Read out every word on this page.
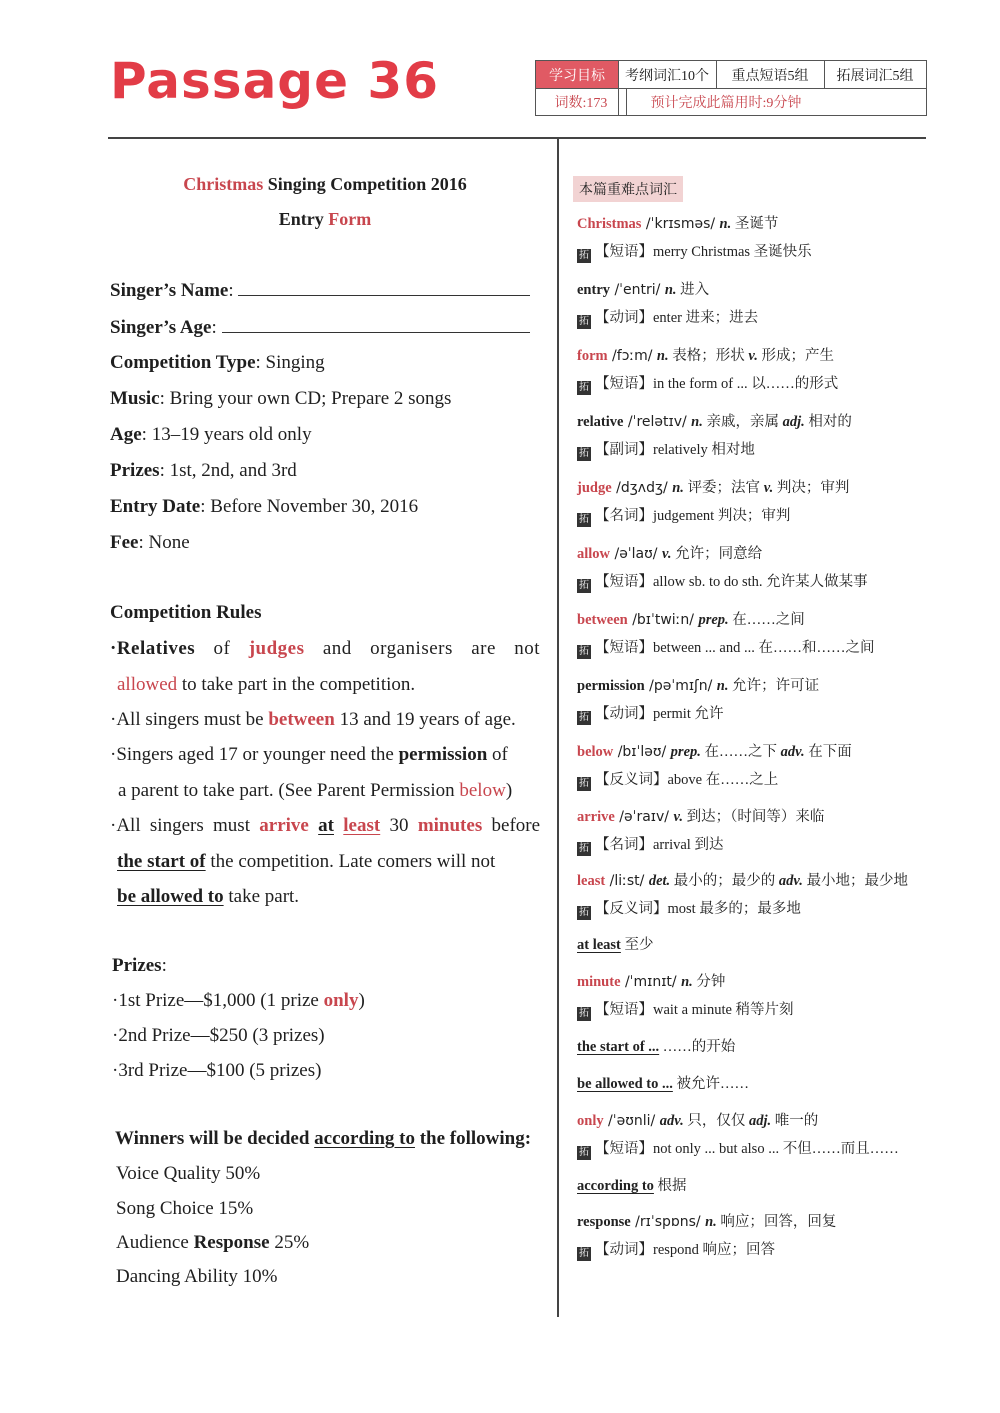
Passage 36	学习目标	考纲词汇10个	重点短语5组	拓展词汇5组
词数:173	预计完成此篇用时:9分钟
Christmas Singing Competition 2016
Entry Form
Singer’s Name:
Singer’s Age:
Competition Type: Singing
Music: Bring your own CD; Prepare 2 songs
Age: 13–19 years old only
Prizes: 1st, 2nd, and 3rd
Entry Date: Before November 30, 2016
Fee: None
Competition Rules
·Relatives of judges and organisers are not
allowed to take part in the competition.
·All singers must be between 13 and 19 years of age.
·Singers aged 17 or younger need the permission of
a parent to take part. (See Parent Permission below)
·All singers must arrive at least 30 minutes before
the start of the competition. Late comers will not
be allowed to take part.
Prizes:
·1st Prize—$1,000 (1 prize only)
·2nd Prize—$250 (3 prizes)
·3rd Prize—$100 (5 prizes)
Winners will be decided according to the following:
Voice Quality 50%
Song Choice 15%
Audience Response 25%
Dancing Ability 10%
本篇重难点词汇
Christmas /ˈkrɪsməs/ n. 圣诞节
拓 【短语】merry Christmas 圣诞快乐
entry /ˈentri/ n. 进入
拓 【动词】enter 进来；进去
form /fɔːm/ n. 表格；形状 v. 形成；产生
拓 【短语】in the form of ... 以……的形式
relative /ˈrelətɪv/ n. 亲戚，亲属 adj. 相对的
拓 【副词】relatively 相对地
judge /dʒʌdʒ/ n. 评委；法官 v. 判决；审判
拓 【名词】judgement 判决；审判
allow /əˈlaʊ/ v. 允许；同意给
拓 【短语】allow sb. to do sth. 允许某人做某事
between /bɪˈtwiːn/ prep. 在……之间
拓 【短语】between ... and ... 在……和……之间
permission /pəˈmɪʃn/ n. 允许；许可证
拓 【动词】permit 允许
below /bɪˈləʊ/ prep. 在……之下 adv. 在下面
拓 【反义词】above 在……之上
arrive /əˈraɪv/ v. 到达；（时间等）来临
拓 【名词】arrival 到达
least /liːst/ det. 最小的；最少的 adv. 最小地；最少地
拓 【反义词】most 最多的；最多地
at least 至少
minute /ˈmɪnɪt/ n. 分钟
拓 【短语】wait a minute 稍等片刻
the start of ... ……的开始
be allowed to ... 被允许……
only /ˈəʊnli/ adv. 只，仅仅 adj. 唯一的
拓 【短语】not only ... but also ... 不但……而且……
according to 根据
response /rɪˈspɒns/ n. 响应；回答，回复
拓 【动词】respond 响应；回答
